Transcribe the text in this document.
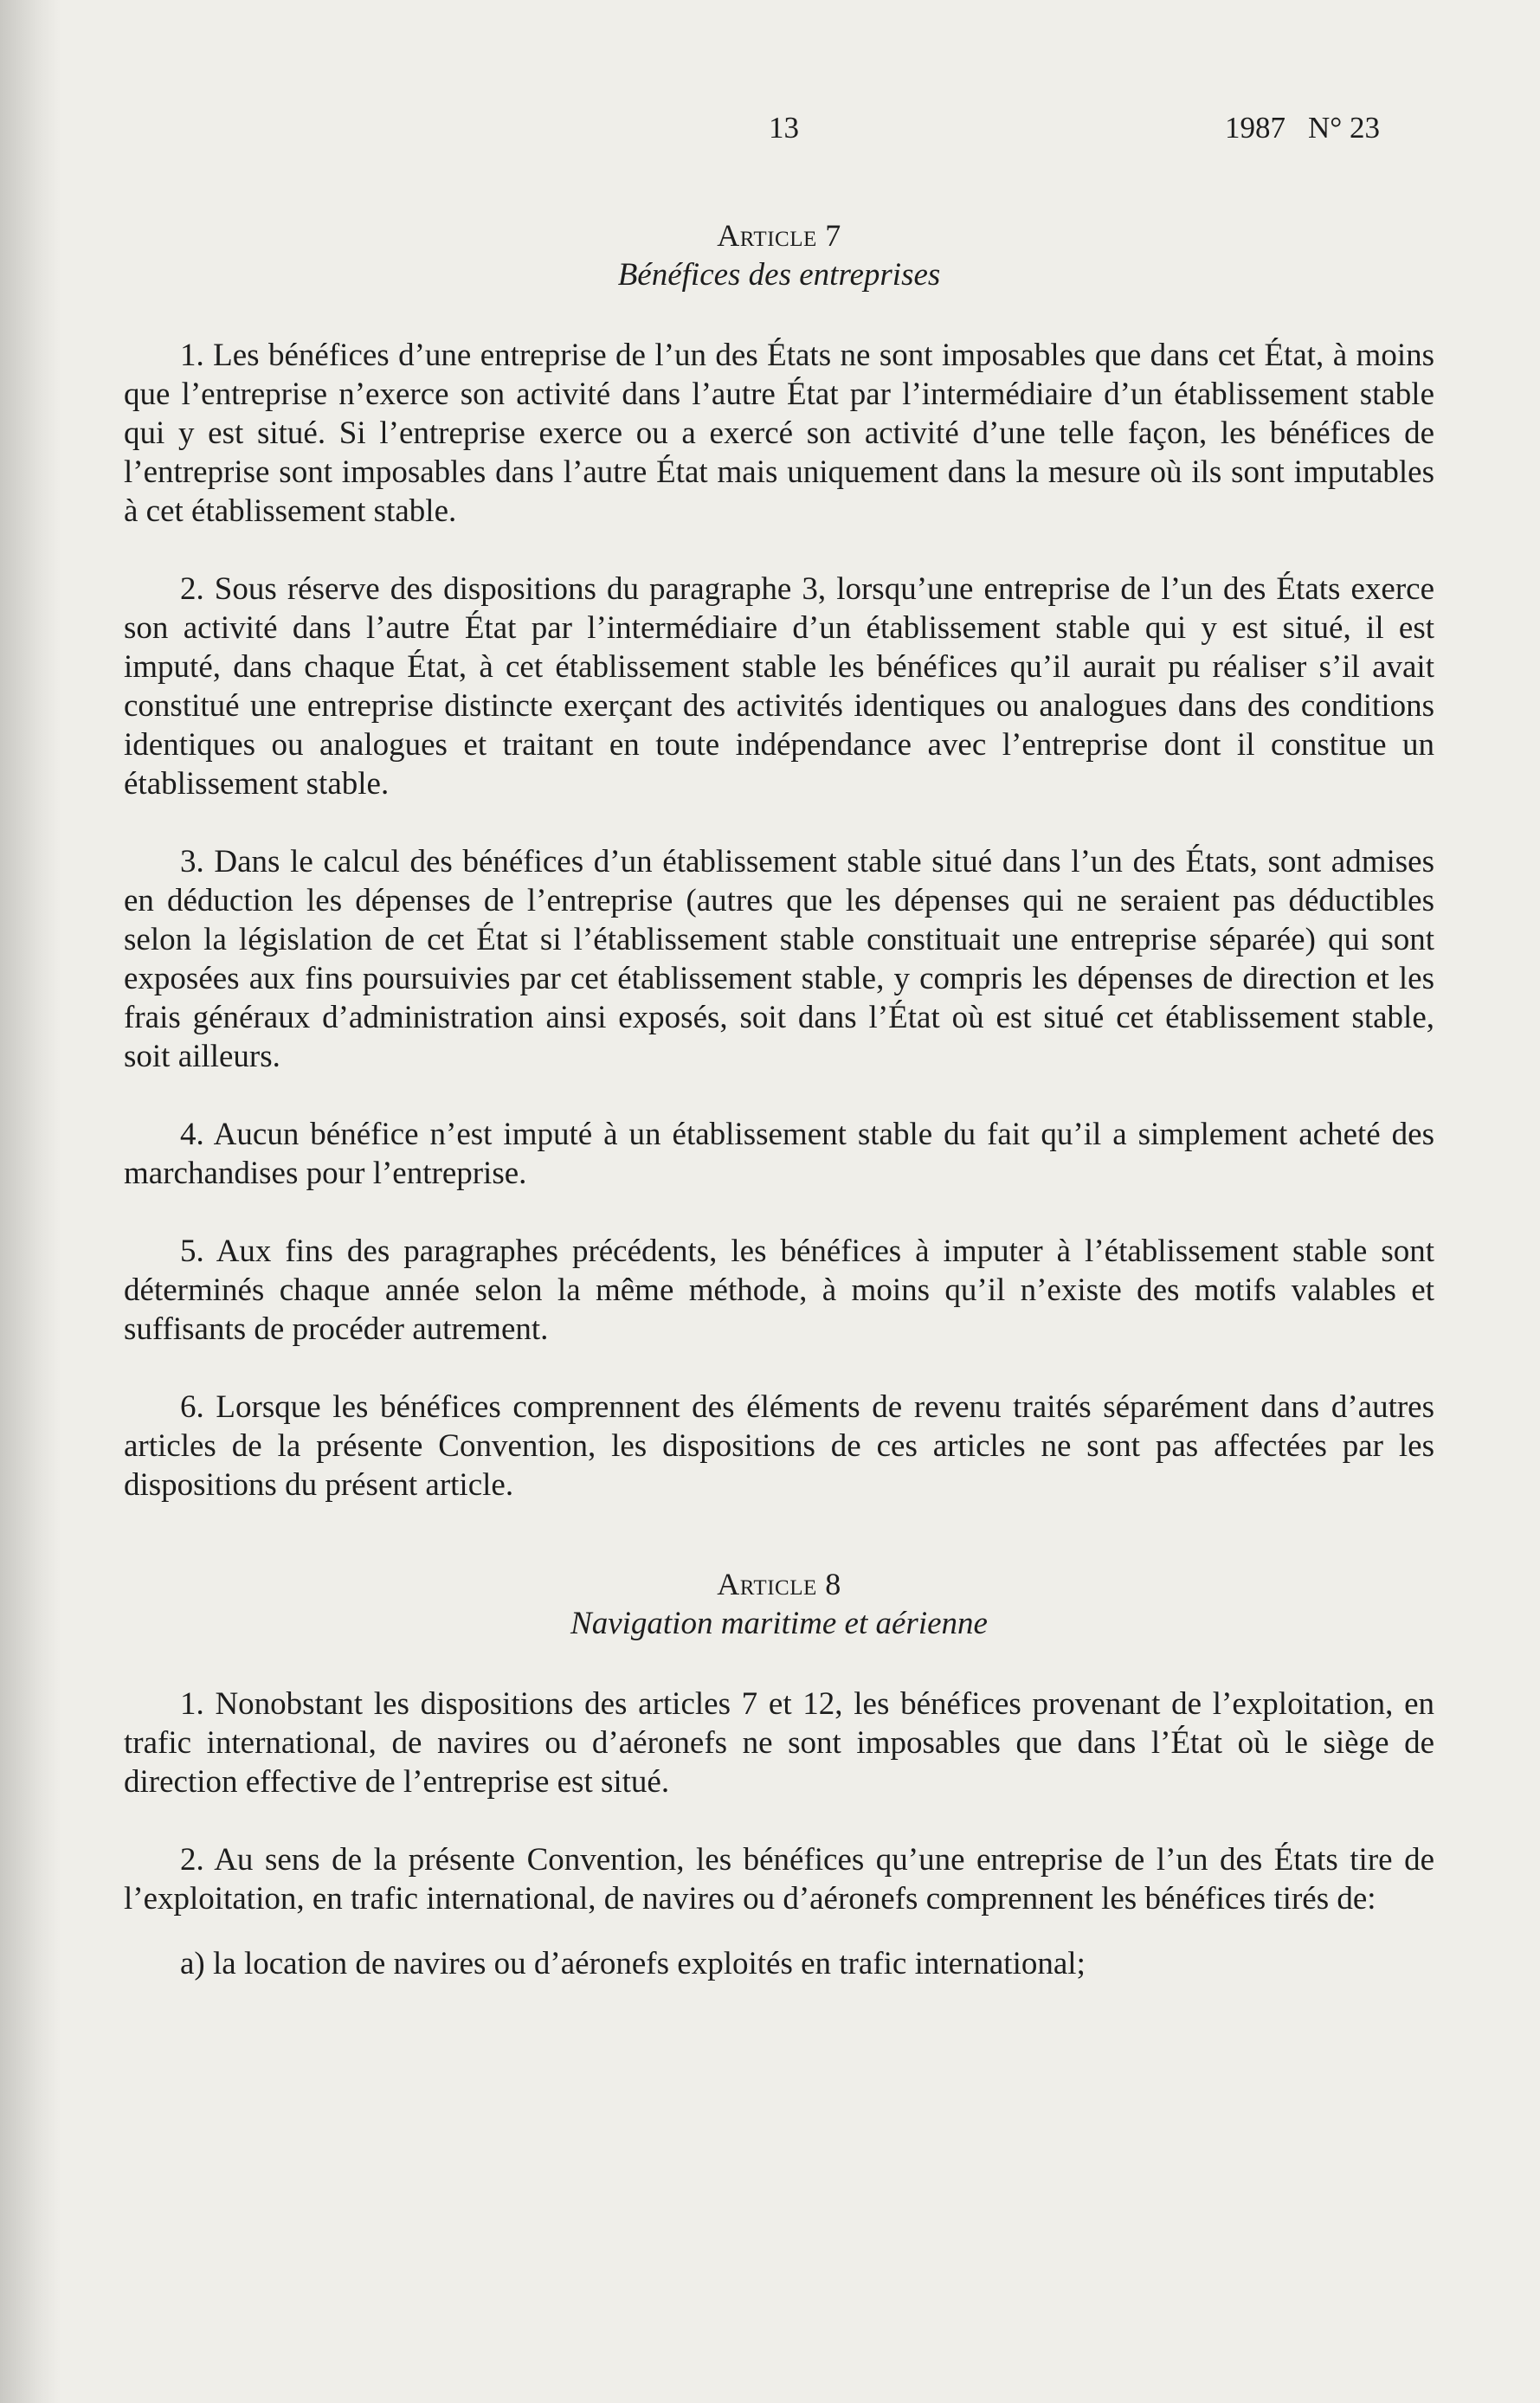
13	1987 N° 23

Article 7

Bénéfices des entreprises

1. Les bénéfices d’une entreprise de l’un des États ne sont imposables que dans cet État, à moins que l’entreprise n’exerce son activité dans l’autre État par l’intermédiaire d’un établissement stable qui y est situé. Si l’entreprise exerce ou a exercé son activité d’une telle façon, les bénéfices de l’entreprise sont imposables dans l’autre État mais uniquement dans la mesure où ils sont imputables à cet établissement stable.

2. Sous réserve des dispositions du paragraphe 3, lorsqu’une entreprise de l’un des États exerce son activité dans l’autre État par l’intermédiaire d’un établissement stable qui y est situé, il est imputé, dans chaque État, à cet établissement stable les bénéfices qu’il aurait pu réaliser s’il avait constitué une entreprise distincte exerçant des activités identiques ou analogues dans des conditions identiques ou analogues et traitant en toute indépendance avec l’entreprise dont il constitue un établissement stable.

3. Dans le calcul des bénéfices d’un établissement stable situé dans l’un des États, sont admises en déduction les dépenses de l’entreprise (autres que les dépenses qui ne seraient pas déductibles selon la législation de cet État si l’établissement stable constituait une entreprise séparée) qui sont exposées aux fins poursuivies par cet établissement stable, y compris les dépenses de direction et les frais généraux d’administration ainsi exposés, soit dans l’État où est situé cet établissement stable, soit ailleurs.

4. Aucun bénéfice n’est imputé à un établissement stable du fait qu’il a simplement acheté des marchandises pour l’entreprise.

5. Aux fins des paragraphes précédents, les bénéfices à imputer à l’établissement stable sont déterminés chaque année selon la même méthode, à moins qu’il n’existe des motifs valables et suffisants de procéder autrement.

6. Lorsque les bénéfices comprennent des éléments de revenu traités séparément dans d’autres articles de la présente Convention, les dispositions de ces articles ne sont pas affectées par les dispositions du présent article.

Article 8

Navigation maritime et aérienne

1. Nonobstant les dispositions des articles 7 et 12, les bénéfices provenant de l’exploitation, en trafic international, de navires ou d’aéronefs ne sont imposables que dans l’État où le siège de direction effective de l’entreprise est situé.

2. Au sens de la présente Convention, les bénéfices qu’une entreprise de l’un des États tire de l’exploitation, en trafic international, de navires ou d’aéronefs comprennent les bénéfices tirés de:

a) la location de navires ou d’aéronefs exploités en trafic international;
